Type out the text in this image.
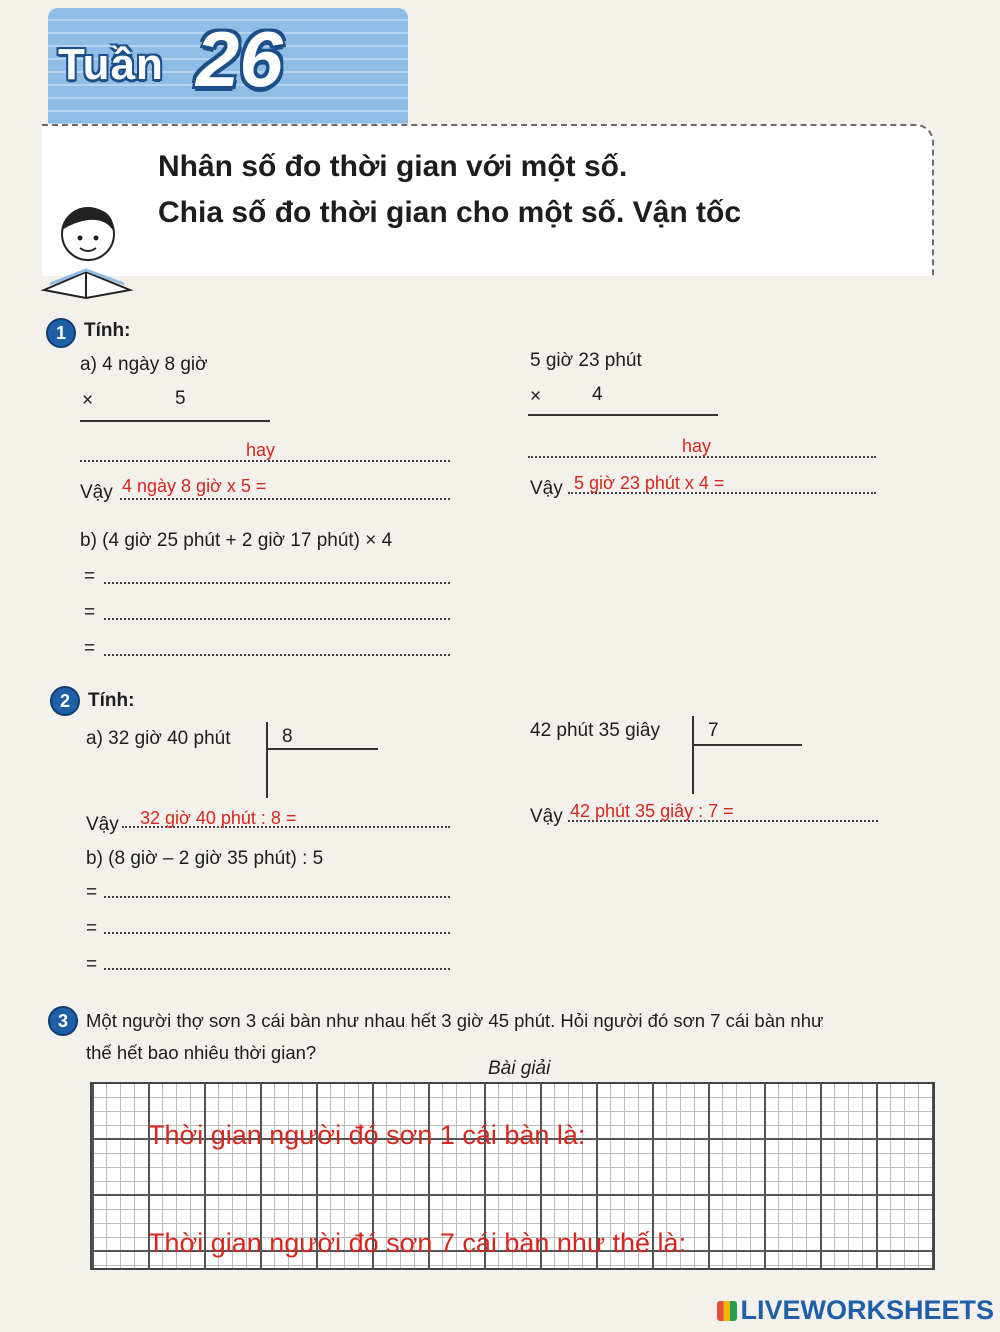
Tuần 26
Nhân số đo thời gian với một số.
Chia số đo thời gian cho một số. Vận tốc
1 Tính:
a) 4 ngày 8 giờ
×	5
hay
Vậy 4 ngày 8 giờ x 5 =
5 giờ 23 phút
×	4
hay
Vậy 5 giờ 23 phút x 4 =
b) (4 giờ 25 phút + 2 giờ 17 phút) × 4
=
=
=
2 Tính:
a) 32 giờ 40 phút	8
Vậy 32 giờ 40 phút : 8 =
42 phút 35 giây	7
Vậy 42 phút 35 giây : 7 =
b) (8 giờ – 2 giờ 35 phút) : 5
=
=
=
3 Một người thợ sơn 3 cái bàn như nhau hết 3 giờ 45 phút. Hỏi người đó sơn 7 cái bàn như
thế hết bao nhiêu thời gian?
Bài giải
Thời gian người đó sơn 1 cái bàn là:
Thời gian người đó sơn 7 cái bàn như thế là:
LIVEWORKSHEETS
